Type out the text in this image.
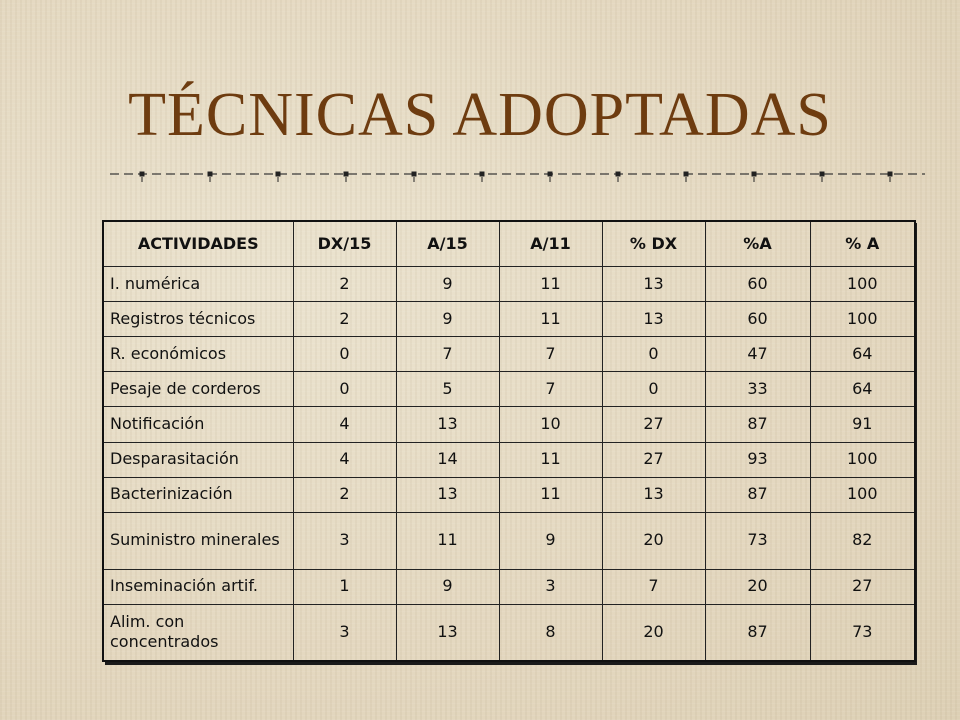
TÉCNICAS ADOPTADAS
ACTIVIDADES	DX/15	A/15	A/11	% DX	%A	% A
I. numérica	2	9	11	13	60	100
Registros técnicos	2	9	11	13	60	100
R. económicos	0	7	7	0	47	64
Pesaje de corderos	0	5	7	0	33	64
Notificación	4	13	10	27	87	91
Desparasitación	4	14	11	27	93	100
Bacterinización	2	13	11	13	87	100
Suministro minerales	3	11	9	20	73	82
Inseminación artif.	1	9	3	7	20	27
Alim. con concentrados	3	13	8	20	87	73
